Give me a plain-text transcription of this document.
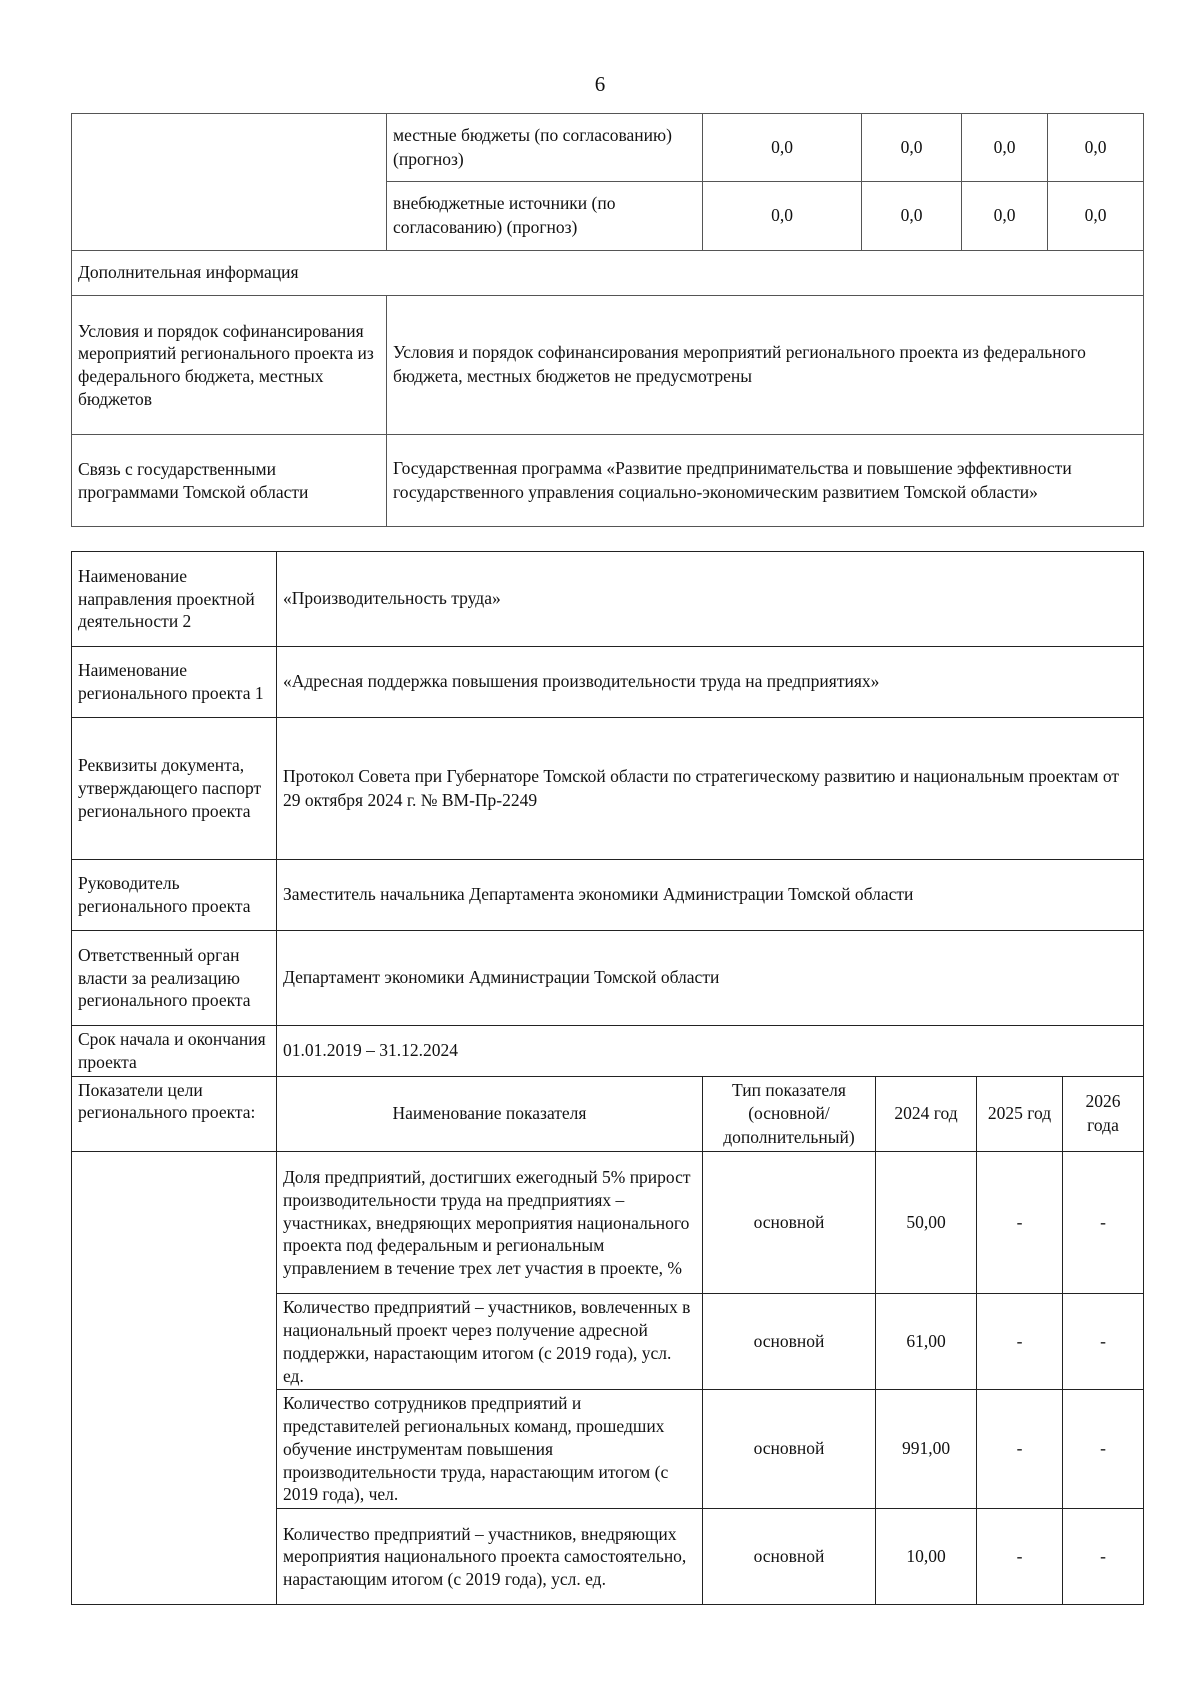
6
	местные бюджеты (по согласованию) (прогноз)	0,0	0,0	0,0	0,0
	внебюджетные источники (по согласованию) (прогноз)	0,0	0,0	0,0	0,0
Дополнительная информация					
Условия и порядок софинансирования мероприятий регионального проекта из федерального бюджета, местных бюджетов	Условия и порядок софинансирования мероприятий регионального проекта из федерального бюджета, местных бюджетов не предусмотрены				
Связь с государственными программами Томской области	Государственная программа «Развитие предпринимательства и повышение эффективности государственного управления социально-экономическим развитием Томской области»				
Наименование направления проектной деятельности 2	«Производительность труда»				
Наименование регионального проекта 1	«Адресная поддержка повышения производительности труда на предприятиях»				
Реквизиты документа, утверждающего паспорт регионального проекта	Протокол Совета при Губернаторе Томской области по стратегическому развитию и национальным проектам от 29 октября 2024 г. № ВМ-Пр-2249				
Руководитель регионального проекта	Заместитель начальника Департамента экономики Администрации Томской области				
Ответственный орган власти за реализацию регионального проекта	Департамент экономики Администрации Томской области				
Срок начала и окончания проекта	01.01.2019 – 31.12.2024				
Показатели цели регионального проекта:	Наименование показателя	Тип показателя (основной/ дополнительный)	2024 год	2025 год	2026 года
	Доля предприятий, достигших ежегодный 5% прирост производительности труда на предприятиях – участниках, внедряющих мероприятия национального проекта под федеральным и региональным управлением в течение трех лет участия в проекте, %	основной	50,00	-	-
	Количество предприятий – участников, вовлеченных в национальный проект через получение адресной поддержки, нарастающим итогом (с 2019 года), усл. ед.	основной	61,00	-	-
	Количество сотрудников предприятий и представителей региональных команд, прошедших обучение инструментам повышения производительности труда, нарастающим итогом (с 2019 года), чел.	основной	991,00	-	-
	Количество предприятий – участников, внедряющих мероприятия национального проекта самостоятельно, нарастающим итогом (с 2019 года), усл. ед.	основной	10,00	-	-
